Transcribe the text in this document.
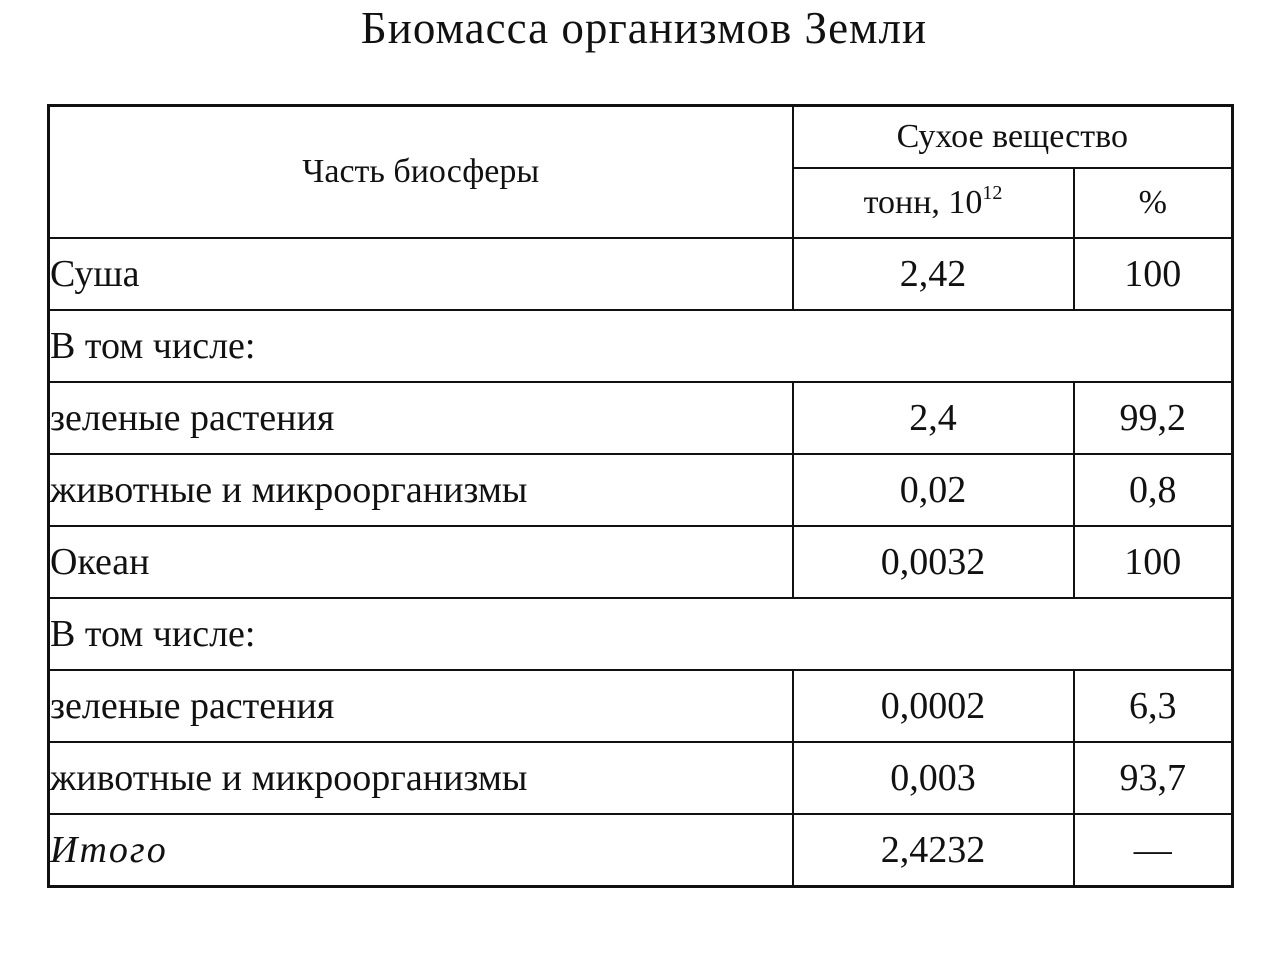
Биомасса организмов Земли
Часть биосферы	Сухое вещество	
	тонн, $10^{12}$	%
Суша	2,42	100
В том числе:		
зеленые растения	2,4	99,2
животные и микроорганизмы	0,02	0,8
Океан	0,0032	100
В том числе:		
зеленые растения	0,0002	6,3
животные и микроорганизмы	0,003	93,7
Итого	2,4232	—
